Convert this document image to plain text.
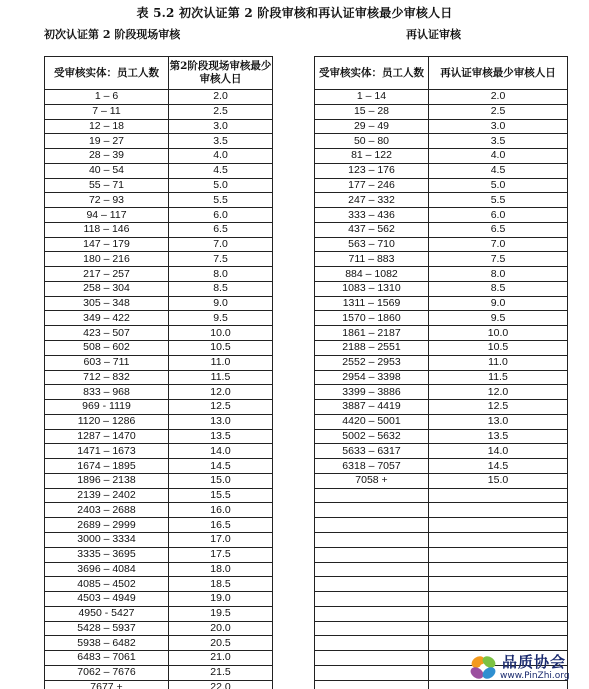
表 5.2 初次认证第 2 阶段审核和再认证审核最少审核人日
初次认证第 2 阶段现场审核	再认证审核
受审核实体：员工人数	第2阶段现场审核最少审核人日
1 – 6	2.0
7 – 11	2.5
12 – 18	3.0
19 – 27	3.5
28 – 39	4.0
40 – 54	4.5
55 – 71	5.0
72 – 93	5.5
94 – 117	6.0
118 – 146	6.5
147 – 179	7.0
180 – 216	7.5
217 – 257	8.0
258 – 304	8.5
305 – 348	9.0
349 – 422	9.5
423 – 507	10.0
508 – 602	10.5
603 – 711	11.0
712 – 832	11.5
833 – 968	12.0
969 - 1119	12.5
1120 – 1286	13.0
1287 – 1470	13.5
1471 – 1673	14.0
1674 – 1895	14.5
1896 – 2138	15.0
2139 – 2402	15.5
2403 – 2688	16.0
2689 – 2999	16.5
3000 – 3334	17.0
3335 – 3695	17.5
3696 – 4084	18.0
4085 – 4502	18.5
4503 – 4949	19.0
4950 - 5427	19.5
5428 – 5937	20.0
5938 – 6482	20.5
6483 – 7061	21.0
7062 – 7676	21.5
7677 +	22.0
受审核实体：员工人数	再认证审核最少审核人日
1 – 14	2.0
15 – 28	2.5
29 – 49	3.0
50 – 80	3.5
81 – 122	4.0
123 – 176	4.5
177 – 246	5.0
247 – 332	5.5
333 – 436	6.0
437 – 562	6.5
563 – 710	7.0
711 – 883	7.5
884 – 1082	8.0
1083 – 1310	8.5
1311 – 1569	9.0
1570 – 1860	9.5
1861 – 2187	10.0
2188 – 2551	10.5
2552 – 2953	11.0
2954 – 3398	11.5
3399 – 3886	12.0
3887 – 4419	12.5
4420 – 5001	13.0
5002 – 5632	13.5
5633 – 6317	14.0
6318 – 7057	14.5
7058 +	15.0

品质协会
www.PinZhi.org
